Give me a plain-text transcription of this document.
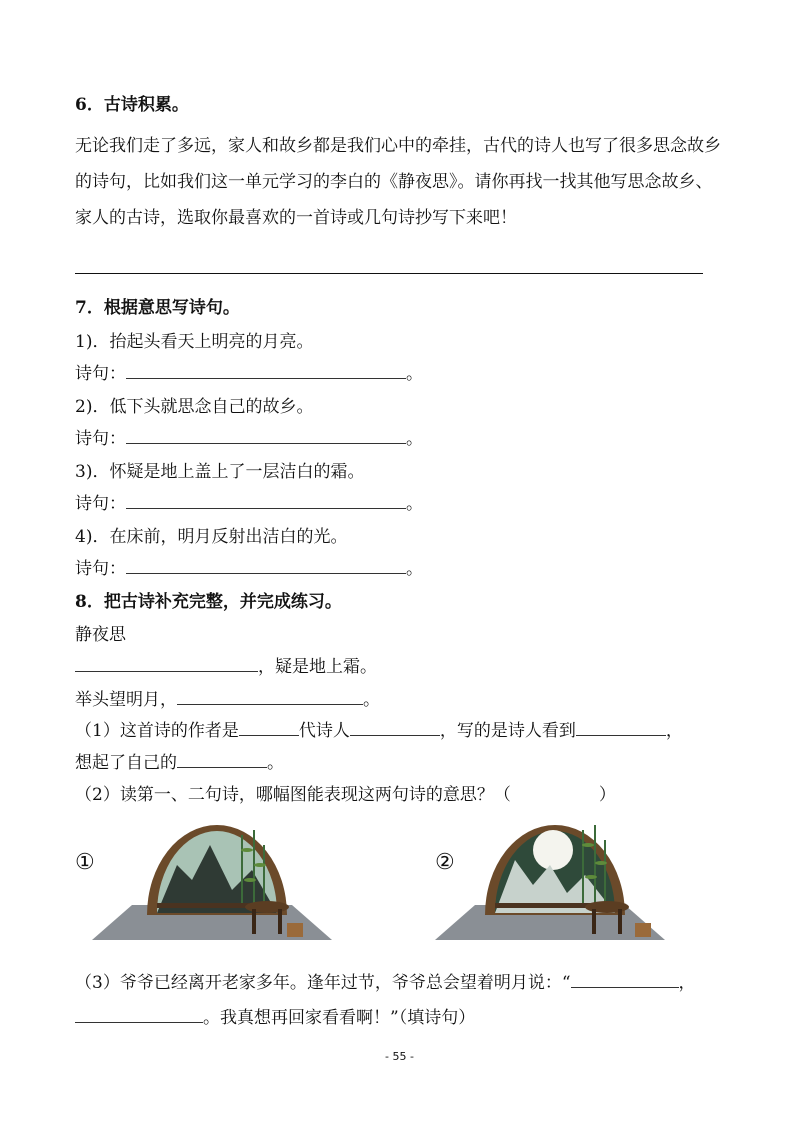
6．古诗积累。
无论我们走了多远，家人和故乡都是我们心中的牵挂，古代的诗人也写了很多思念故乡的诗句，比如我们这一单元学习的李白的《静夜思》。请你再找一找其他写思念故乡、家人的古诗，选取你最喜欢的一首诗或几句诗抄写下来吧！
7．根据意思写诗句。
1)．抬起头看天上明亮的月亮。
诗句：	。
2)．低下头就思念自己的故乡。
诗句：	。
3)．怀疑是地上盖上了一层洁白的霜。
诗句：	。
4)．在床前，明月反射出洁白的光。
诗句：	。
8．把古诗补充完整，并完成练习。
静夜思
，疑是地上霜。
举头望明月，	。
（1）这首诗的作者是	代诗人	，写的是诗人看到	，
想起了自己的	。
（2）读第一、二句诗，哪幅图能表现这两句诗的意思？（	）
①	②
（3）爷爷已经离开老家多年。逢年过节，爷爷总会望着明月说：“	，
。我真想再回家看看啊！”（填诗句）
- 55 -
